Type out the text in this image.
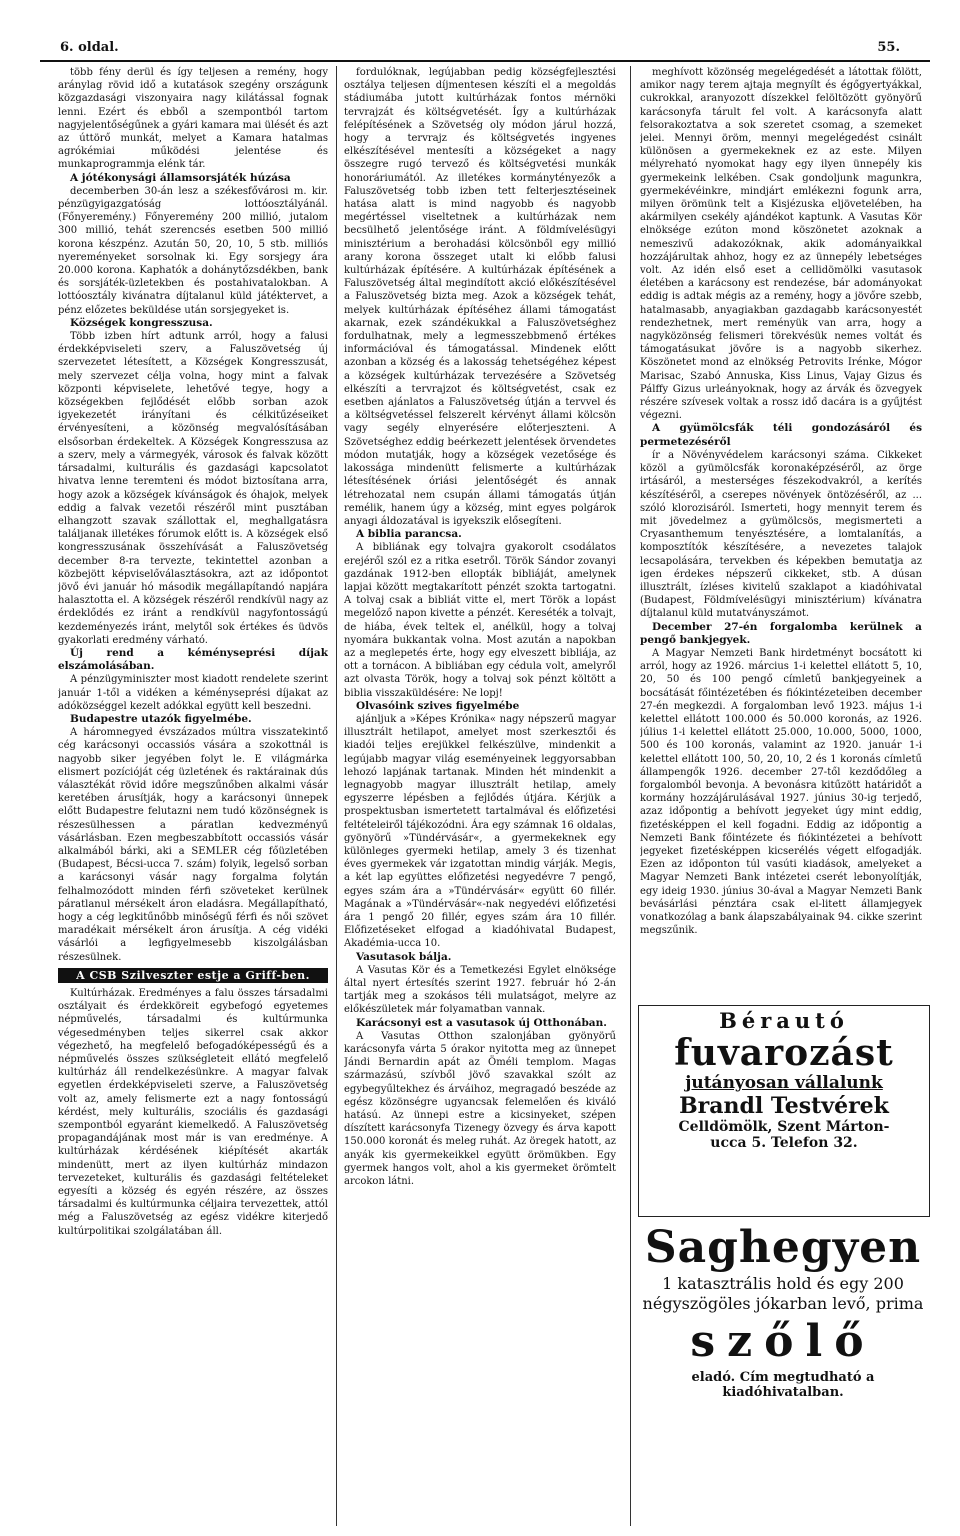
6. oldal.	55.

több fény derül és így teljesen a remény, hogy aránylag rövid idő a kutatások szegény országunk közgazdasági viszonyaira nagy kilátással fognak lenni. Ezért és ebből a szempontból tartom nagyjelentőségűnek a gyári kamara mai ülését és azt az úttörő munkát, melyet a Kamara hatalmas agrókémiai működési jelentése és munkaprogrammja elénk tár.

A jótékonysági államsorsjáték húzása

decemberben 30-án lesz a székesfővárosi m. kir. pénzügyigazgatóság lottóosztályánál. (Főnyeremény.) Főnyeremény 200 millió, jutalom 300 millió, tehát szerencsés esetben 500 millió korona készpénz. Azután 50, 20, 10, 5 stb. milliós nyereményeket sorsolnak ki. Egy sorsjegy ára 20.000 korona. Kaphatók a dohánytőzsdékben, bank és sorsjáték-üzletekben és postahivatalokban. A lottóosztály kivánatra díjtalanul küld játéktervet, a pénz előzetes beküldése után sorsjegyeket is.

Községek kongresszusa.

Több izben hírt adtunk arról, hogy a falusi érdekképviseleti szerv, a Faluszövetség új szervezetet létesített, a Községek Kongresszusát, mely szervezet célja volna, hogy mint a falvak központi képviselete, lehetővé tegye, hogy a községekben fejlődését előbb sorban azok igyekezetét irányítani és célkitűzéseiket érvényesíteni, a közönség megvalósításában elsősorban érdekeltek. A Községek Kongresszusa az a szerv, mely a vármegyék, városok és falvak között társadalmi, kulturális és gazdasági kapcsolatot hivatva lenne teremteni és módot biztosítana arra, hogy azok a községek kívánságok és óhajok, melyek eddig a falvak vezetői részéről mint pusztában elhangzott szavak szállottak el, meghallgatásra találjanak illetékes fórumok előtt is. A községek első kongresszusának összehívását a Faluszövetség december 8-ra tervezte, tekintettel azonban a közbejött képviselőválasztásokra, azt az időpontot jövő évi január hó második megállapítandó napjára halasztotta el. A községek részéről rendkívül nagy az érdeklődés ez iránt a rendkívül nagyfontosságú kezdeményezés iránt, melytől sok értékes és üdvös gyakorlati eredmény várható.

Új rend a kéményseprési díjak elszámolásában.

A pénzügyminiszter most kiadott rendelete szerint január 1-től a vidéken a kéményseprési díjakat az adóközséggel kezelt adókkal együtt kell beszedni.

Budapestre utazók figyelmébe.

A háromnegyed évszázados múltra visszatekintő cég karácsonyi occassiós vására a szokottnál is nagyobb siker jegyében folyt le. E világmárka elismert pozícióját cég üzletének és raktárainak dús választékát rövid időre megszűnőben alkalmi vásár keretében árusítják, hogy a karácsonyi ünnepek előtt Budapestre felutazni nem tudó közönségnek is részesülhessen a páratlan kedvezményű vásárlásban. Ezen megbeszabbított occassiós vásár alkalmából bárki, aki a SEMLER cég főüzletében (Budapest, Bécsi-ucca 7. szám) folyik, legelső sorban a karácsonyi vásár nagy forgalma folytán felhalmozódott minden férfi szöveteket kerülnek páratlanul mérsékelt áron eladásra. Megállapítható, hogy a cég legkitűnőbb minőségű férfi és női szövet maradékait mérsékelt áron árusítja. A cég vidéki vásárlói a legfigyelmesebb kiszolgálásban részesülnek.

A CSB Szilveszter estje a Griff-ben.

Kultúrházak. Eredményes a falu összes társadalmi osztályait és érdekköreit egybefogó egyetemes népművelés, társadalmi és kultúrmunka végesedményben teljes sikerrel csak akkor végezhető, ha megfelelő befogadóképességű és a népművelés összes szükségleteit ellátó megfelelő kultúrház áll rendelkezésünkre. A magyar falvak egyetlen érdekképviseleti szerve, a Faluszövetség volt az, amely felismerte ezt a nagy fontosságú kérdést, mely kulturális, szociális és gazdasági szempontból egyaránt kiemelkedő. A Faluszövetség propagandájának most már is van eredménye. A kultúrházak kérdésének kiépítését akarták mindenütt, mert az ilyen kultúrház mindazon tervezeteket, kulturális és gazdasági feltételeket egyesíti a község és egyén részére, az összes társadalmi és kultúrmunka céljaira tervezettek, attól még a Faluszövetség az egész vidékre kiterjedő kultúrpolitikai szolgálatában áll.

fordulóknak, legújabban pedig községfejlesztési osztálya teljesen díjmentesen készíti el a megoldás stádiumába jutott kultúrházak fontos mérnöki tervrajzát és költségvetését. Így a kultúrházak felépítésének a Szövetség oly módon járul hozzá, hogy a tervrajz és költségvetés ingyenes elkészítésével mentesíti a községeket a nagy összegre rugó tervező és költségvetési munkák honoráriumától. Az illetékes kormánytényezők a Faluszövetség tobb izben tett felterjesztéseinek hatása alatt is mind nagyobb és nagyobb megértéssel viseltetnek a kultúrházak nem becsülhető jelentősége iránt. A földmívelésügyi minisztérium a berohadási kölcsönből egy millió arany korona összeget utalt ki előbb falusi kultúrházak építésére. A kultúrházak építésének a Faluszövetség által megindított akció előkészítésével a Faluszövetség bizta meg. Azok a községek tehát, melyek kultúrházak építéséhez állami támogatást akarnak, ezek szándékukkal a Faluszövetséghez fordulhatnak, mely a legmesszebbmenő értékes információval és támogatással. Mindenek előtt azonban a község és a lakosság tehetségéhez képest a községek kultúrházak tervezésére a Szövetség elkészíti a tervrajzot és költségvetést, csak ez esetben ajánlatos a Faluszövetség útján a tervvel és a költségvetéssel felszerelt kérvényt állami kölcsön vagy segély elnyerésére előterjeszteni. A Szövetséghez eddig beérkezett jelentések örvendetes módon mutatják, hogy a községek vezetősége és lakossága mindenütt felismerte a kultúrházak létesítésének óriási jelentőségét és annak létrehozatal nem csupán állami támogatás útján remélik, hanem úgy a község, mint egyes polgárok anyagi áldozatával is igyekszik elősegíteni.

A biblia parancsa.

A bibliának egy tolvajra gyakorolt csodálatos erejéről szól ez a ritka esetről. Török Sándor zovanyi gazdának 1912-ben ellopták bibliáját, amelynek lapjai között megtakarított pénzét szokta tartogatni. A tolvaj csak a bibliát vitte el, mert Török a lopást megelőző napon kivette a pénzét. Kereséték a tolvajt, de hiába, évek teltek el, anélkül, hogy a tolvaj nyomára bukkantak volna. Most azután a napokban az a meglepetés érte, hogy egy elveszett bibliája, az ott a tornácon. A bibliában egy cédula volt, amelyről azt olvasta Török, hogy a tolvaj sok pénzt költött a biblia visszaküldésére: Ne lopj!

Olvasóink szives figyelmébe

ajánljuk a »Képes Krónika« nagy népszerű magyar illusztrált hetilapot, amelyet most szerkesztői és kiadói teljes erejükkel felkészülve, mindenkit a legújabb magyar világ eseményeinek leggyorsabban lehozó lapjának tartanak. Minden hét mindenkit a legnagyobb magyar illusztrált hetilap, amely egyszerre lépésben a fejlődés útjára. Kérjük a prospektusban ismertetett tartalmával és előfizetési feltételeiről tájékozódni. Ára egy számnak 16 oldalas, gyönyörű »Tündérvásár«, a gyermekeknek egy különleges gyermeki hetilap, amely 3 és tizenhat éves gyermekek vár izgatottan mindig várják. Megis, a két lap együttes előfizetési negyedévre 7 pengő, egyes szám ára a »Tündérvásár« együtt 60 fillér. Magának a »Tündérvásár«-nak negyedévi előfizetési ára 1 pengő 20 fillér, egyes szám ára 10 fillér. Előfizetéseket elfogad a kiadóhivatal Budapest, Akadémia-ucca 10.

Vasutasok bálja.

A Vasutas Kör és a Temetkezési Egylet elnöksége által nyert értesítés szerint 1927. február hó 2-án tartják meg a szokásos téli mulatságot, melyre az előkészületek már folyamatban vannak.

Karácsonyi est a vasutasok új Otthonában.

A Vasutas Otthon szalonjában gyönyörű karácsonyfa várta 5 órakor nyitotta meg az ünnepet Jándi Bernardin apát az Öméli templom. Magas származású, szívből jövő szavakkal szólt az egybegyűltekhez és árváihoz, megragadó beszéde az egész közönségre ugyancsak felemelően és kiváló hatású. Az ünnepi estre a kicsinyeket, szépen díszített karácsonyfa Tizenegy özvegy és árva kapott 150.000 koronát és meleg ruhát. Az öregek hatott, az anyák kis gyermekeikkel együtt örömükben. Egy gyermek hangos volt, ahol a kis gyermeket örömtelt arcokon látni.

meghívott közönség megelégedését a látottak fölött, amikor nagy terem ajtaja megnyílt és égőgyertyákkal, cukrokkal, aranyozott díszekkel felöltözött gyönyörű karácsonyfa tárult fel volt. A karácsonyfa alatt felsorakoztatva a sok szeretet csomag, a szemeket jelei. Mennyi öröm, mennyi megelégedést csinált különösen a gyermekeknek ez az este. Milyen mélyreható nyomokat hagy egy ilyen ünnepély kis gyermekeink lelkében. Csak gondoljunk magunkra, gyermekévéinkre, mindjárt emlékezni fogunk arra, milyen örömünk telt a Kisjézuska eljövetelében, ha akármilyen csekély ajándékot kaptunk. A Vasutas Kör elnöksége ezúton mond köszönetet azoknak a nemeszivű adakozóknak, akik adományaikkal hozzájárultak ahhoz, hogy ez az ünnepély lebetséges volt. Az idén első eset a cellidömölki vasutasok életében a karácsony est rendezése, bár adományokat eddig is adtak mégis az a remény, hogy a jövőre szebb, hatalmasabb, anyagiakban gazdagabb karácsonyestét rendezhetnek, mert reményük van arra, hogy a nagyközönség felismeri törekvésük nemes voltát és támogatásukat jövőre is a nagyobb sikerhez. Köszönetet mond az elnökség Petrovits Irénke, Mógor Marisac, Szabó Annuska, Kiss Linus, Vajay Gizus és Pálffy Gizus urleányoknak, hogy az árvák és özvegyek részére szívesek voltak a rossz idő dacára is a gyűjtést végezni.

A gyümölcsfák téli gondozásáról és permetezéséről

ír a Növényvédelem karácsonyi száma. Cikkeket közöl a gyümölcsfák koronaképzéséről, az örge irtásáról, a mesterséges fészekodvakról, a kerítés készítéséről, a cserepes növények öntözéséről, az ... szóló klorozisáról. Ismerteti, hogy mennyit terem és mit jövedelmez a gyümölcsös, megismerteti a Cryasanthemum tenyésztésére, a lomtalanítás, a komposztítók készítésére, a nevezetes talajok lecsapolására, tervekben és képekben bemutatja az igen érdekes népszerű cikkeket, stb. A dúsan illusztrált, ízléses kivitelű szaklapot a kiadóhivatal (Budapest, Földmívelésügyi minisztérium) kívánatra díjtalanul küld mutatványszámot.

December 27-én forgalomba kerülnek a pengő bankjegyek.

A Magyar Nemzeti Bank hirdetményt bocsátott ki arról, hogy az 1926. március 1-i kelettel ellátott 5, 10, 20, 50 és 100 pengő címletű bankjegyeinek a bocsátását főintézetében és fiókintézeteiben december 27-én megkezdi. A forgalomban levő 1923. május 1-i kelettel ellátott 100.000 és 50.000 koronás, az 1926. július 1-i kelettel ellátott 25.000, 10.000, 5000, 1000, 500 és 100 koronás, valamint az 1920. január 1-i kelettel ellátott 100, 50, 20, 10, 2 és 1 koronás címletű állampengők 1926. december 27-től kezdődőleg a forgalomból bevonja. A bevonásra kitűzött határidőt a kormány hozzájárulásával 1927. június 30-ig terjedő, azaz időpontig a behívott jegyeket úgy mint eddig, fizetésképpen el kell fogadni. Eddig az időpontig a Nemzeti Bank főintézete és fiókintézetei a behívott jegyeket fizetésképpen kicserélés végett elfogadják. Ezen az időponton túl vasúti kiadások, amelyeket a Magyar Nemzeti Bank intézetei cserét lebonyolítják, egy ideig 1930. június 30-ával a Magyar Nemzeti Bank bevásárlási pénztára csak el-litett államjegyek vonatkozólag a bank álapszabályainak 94. cikke szerint megszűnik.

Bérautó
fuvarozást
jutányosan vállalunk
Brandl Testvérek
Celldömölk, Szent Márton-
ucca 5. Telefon 32.
Saghegyen
1 katasztrális hold és egy 200 négyszögöles jókarban levő, prima
szőlő
eladó. Cím megtudható a kiadóhivatalban.
